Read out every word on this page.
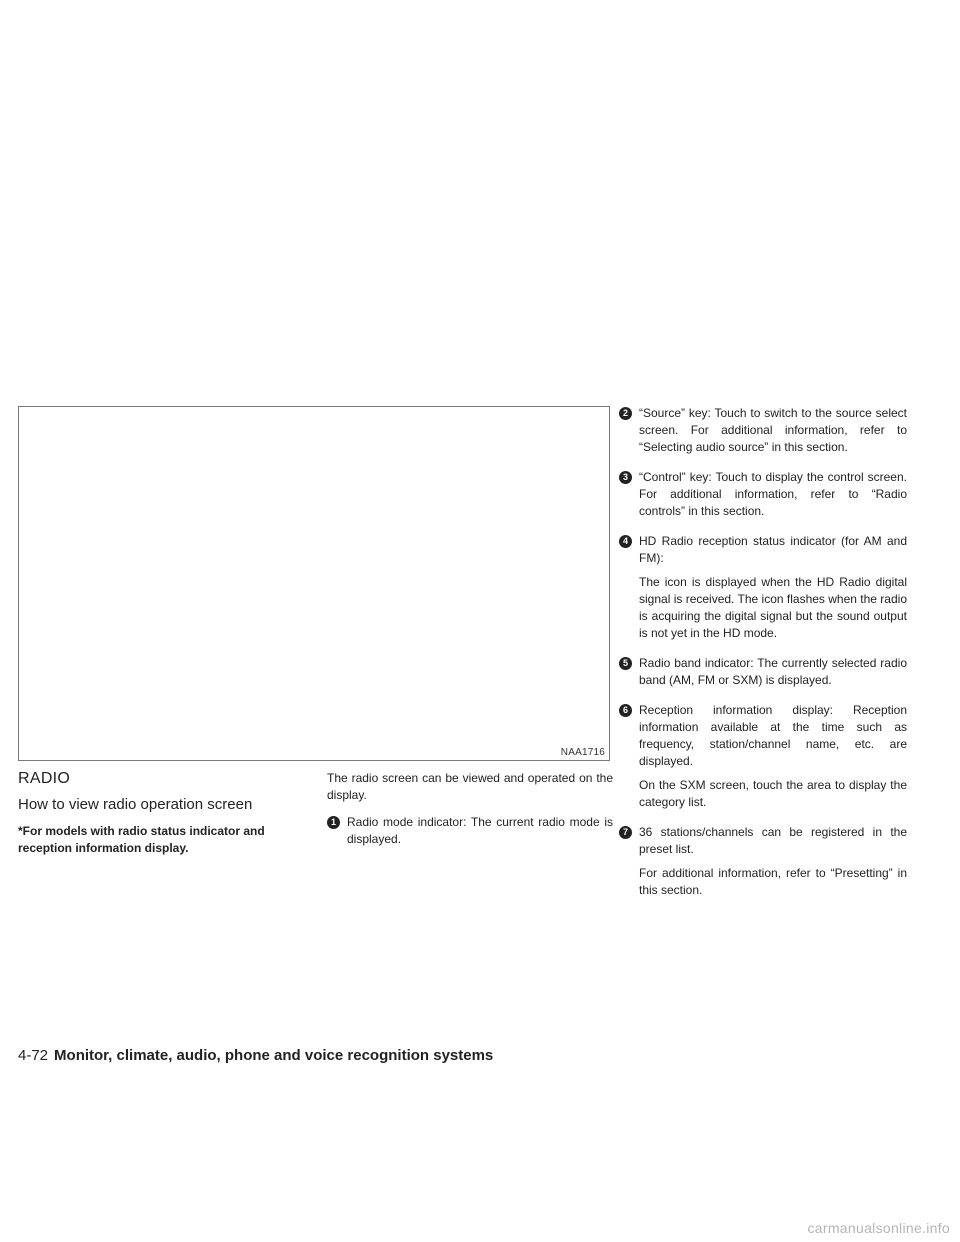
NAA1716
RADIO
How to view radio operation screen

*For models with radio status indicator and reception information display.

The radio screen can be viewed and operated on the display.

1 Radio mode indicator: The current radio mode is displayed.
2 “Source” key: Touch to switch to the source select screen. For additional information, refer to “Selecting audio source” in this section.
3 “Control” key: Touch to display the control screen. For additional information, refer to “Radio controls” in this section.
4 HD Radio reception status indicator (for AM and FM):

The icon is displayed when the HD Radio digital signal is received. The icon flashes when the radio is acquiring the digital signal but the sound output is not yet in the HD mode.

5 Radio band indicator: The currently selected radio band (AM, FM or SXM) is displayed.
6 Reception information display: Reception information available at the time such as frequency, station/channel name, etc. are displayed.

On the SXM screen, touch the area to display the category list.

7 36 stations/channels can be registered in the preset list.

For additional information, refer to “Presetting” in this section.

4-72 Monitor, climate, audio, phone and voice recognition systems
carmanualsonline.info
